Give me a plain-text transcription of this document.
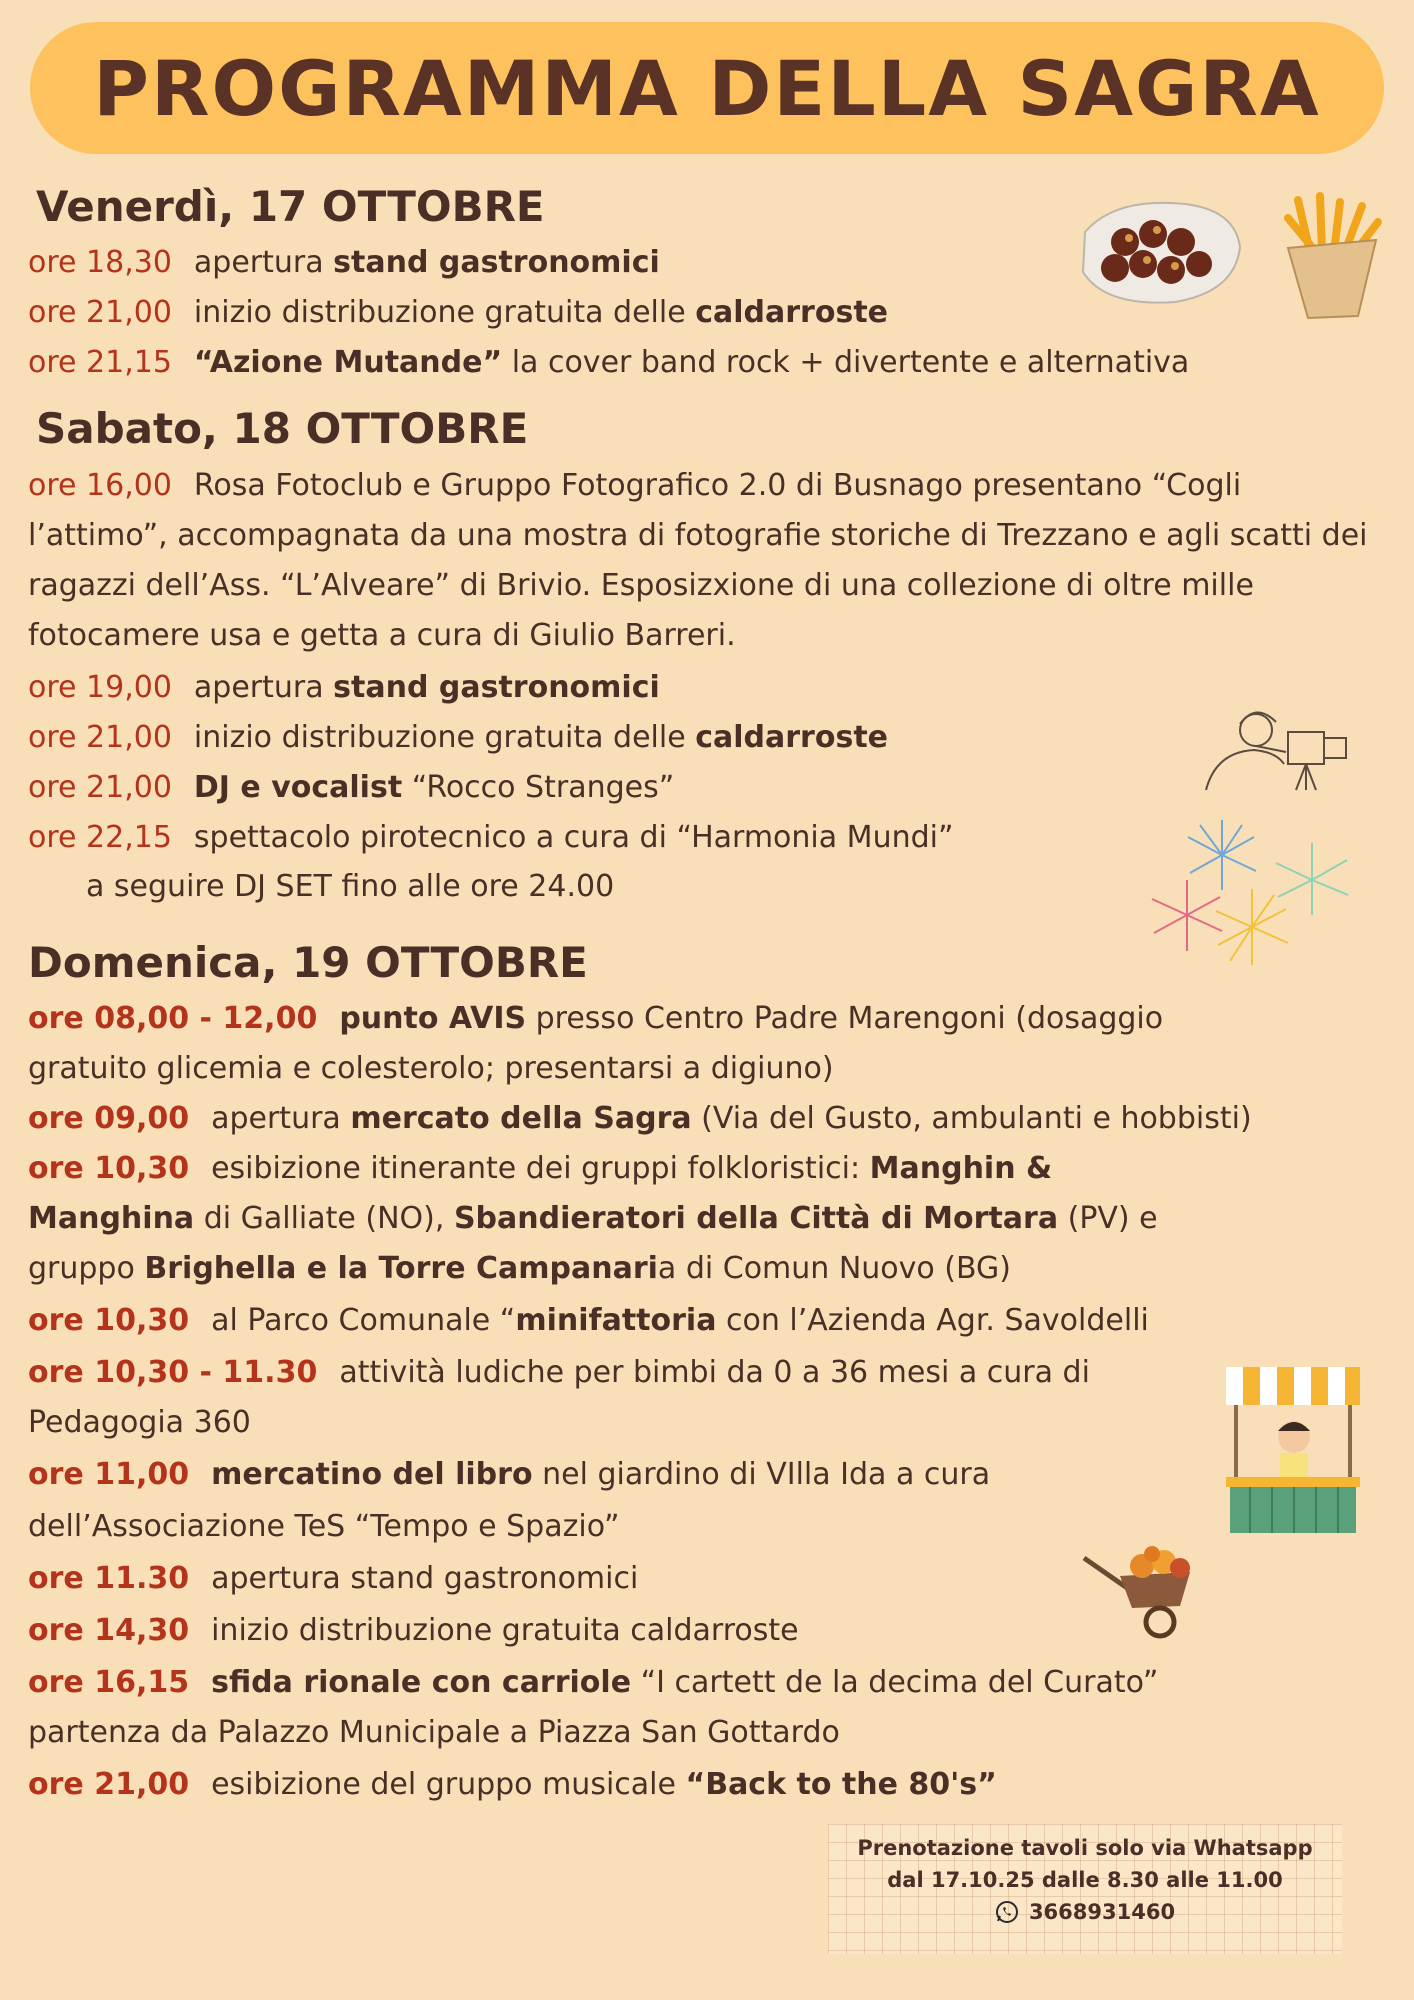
PROGRAMMA DELLA SAGRA
Venerdì, 17 OTTOBRE

ore 18,30 apertura stand gastronomici

ore 21,00 inizio distribuzione gratuita delle caldarroste

ore 21,15 “Azione Mutande” la cover band rock + divertente e alternativa

Sabato, 18 OTTOBRE

ore 16,00 Rosa Fotoclub e Gruppo Fotografico 2.0 di Busnago presentano “Cogli l’attimo”, accompagnata da una mostra di fotografie storiche di Trezzano e agli scatti dei ragazzi dell’Ass. “L’Alveare” di Brivio. Esposizxione di una collezione di oltre mille fotocamere usa e getta a cura di Giulio Barreri.

ore 19,00 apertura stand gastronomici

ore 21,00 inizio distribuzione gratuita delle caldarroste

ore 21,00 DJ e vocalist “Rocco Stranges”

ore 22,15 spettacolo pirotecnico a cura di “Harmonia Mundi”

a seguire DJ SET fino alle ore 24.00

Domenica, 19 OTTOBRE

ore 08,00 - 12,00 punto AVIS presso Centro Padre Marengoni (dosaggio

gratuito glicemia e colesterolo; presentarsi a digiuno)

ore 09,00 apertura mercato della Sagra (Via del Gusto, ambulanti e hobbisti)

ore 10,30 esibizione itinerante dei gruppi folkloristici: Manghin &

Manghina di Galliate (NO), Sbandieratori della Città di Mortara (PV) e

gruppo Brighella e la Torre Campanaria di Comun Nuovo (BG)

ore 10,30 al Parco Comunale “minifattoria con l’Azienda Agr. Savoldelli

ore 10,30 - 11.30 attività ludiche per bimbi da 0 a 36 mesi a cura di

Pedagogia 360

ore 11,00 mercatino del libro nel giardino di VIlla Ida a cura

dell’Associazione TeS “Tempo e Spazio”

ore 11.30 apertura stand gastronomici

ore 14,30 inizio distribuzione gratuita caldarroste

ore 16,15 sfida rionale con carriole “I cartett de la decima del Curato”

partenza da Palazzo Municipale a Piazza San Gottardo

ore 21,00 esibizione del gruppo musicale “Back to the 80's”

Prenotazione tavoli solo via Whatsapp
dal 17.10.25 dalle 8.30 alle 11.00
3668931460
